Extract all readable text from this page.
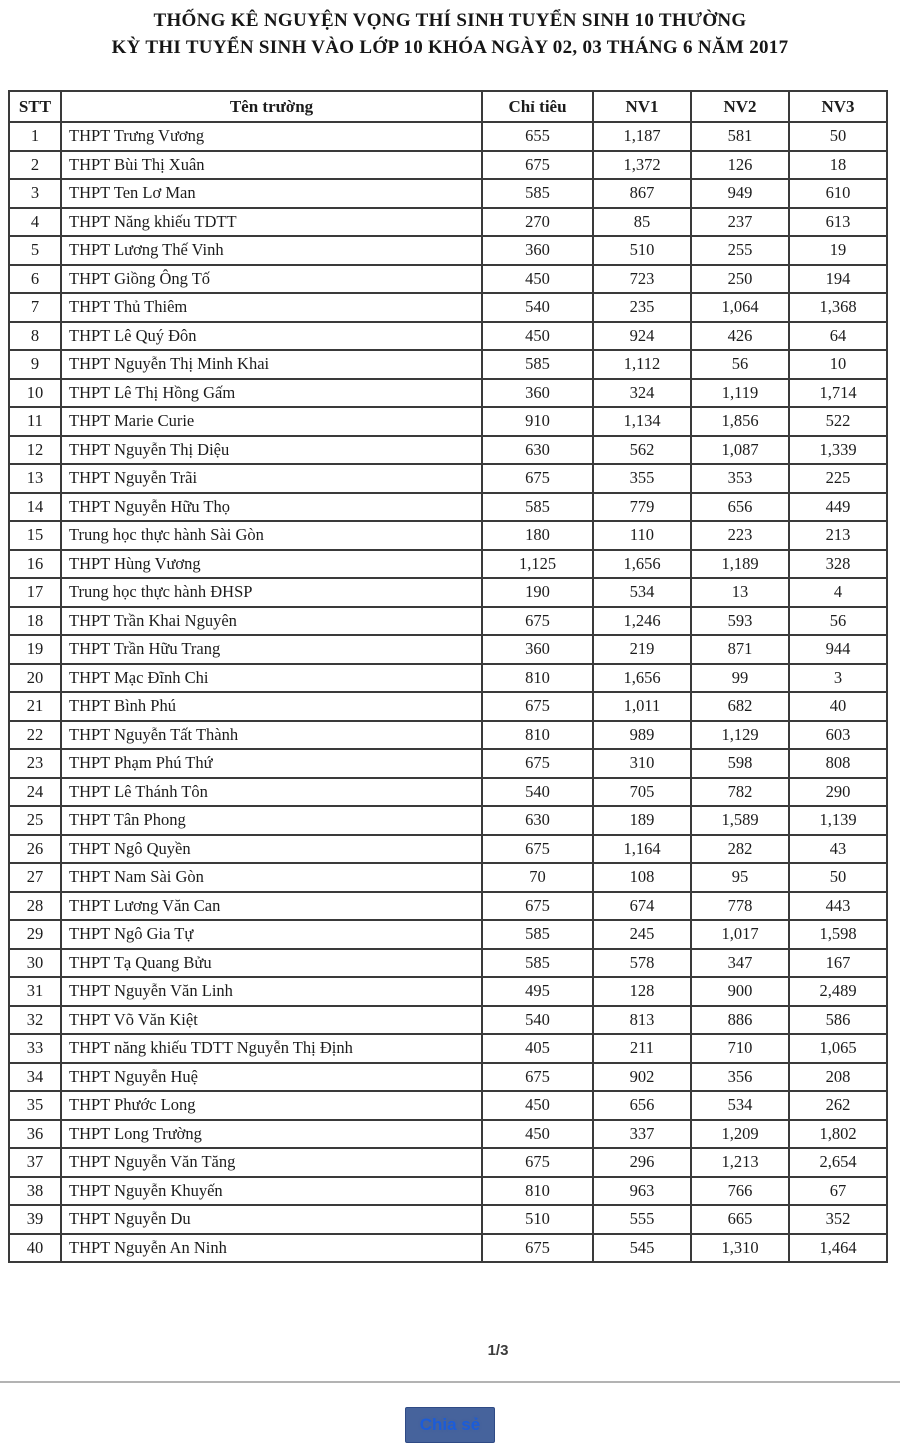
THỐNG KÊ NGUYỆN VỌNG THÍ SINH TUYỂN SINH 10 THƯỜNG
KỲ THI TUYỂN SINH VÀO LỚP 10 KHÓA NGÀY 02, 03 THÁNG 6 NĂM 2017
STT	Tên trường	Chỉ tiêu	NV1	NV2	NV3
1	THPT Trưng Vương	655	1,187	581	50
2	THPT Bùi Thị Xuân	675	1,372	126	18
3	THPT Ten Lơ Man	585	867	949	610
4	THPT Năng khiếu TDTT	270	85	237	613
5	THPT Lương Thế Vinh	360	510	255	19
6	THPT Giồng Ông Tố	450	723	250	194
7	THPT Thủ Thiêm	540	235	1,064	1,368
8	THPT Lê Quý Đôn	450	924	426	64
9	THPT Nguyễn Thị Minh Khai	585	1,112	56	10
10	THPT Lê Thị Hồng Gấm	360	324	1,119	1,714
11	THPT Marie Curie	910	1,134	1,856	522
12	THPT Nguyễn Thị Diệu	630	562	1,087	1,339
13	THPT Nguyễn Trãi	675	355	353	225
14	THPT Nguyễn Hữu Thọ	585	779	656	449
15	Trung học thực hành Sài Gòn	180	110	223	213
16	THPT Hùng Vương	1,125	1,656	1,189	328
17	Trung học thực hành ĐHSP	190	534	13	4
18	THPT Trần Khai Nguyên	675	1,246	593	56
19	THPT Trần Hữu Trang	360	219	871	944
20	THPT Mạc Đĩnh Chi	810	1,656	99	3
21	THPT Bình Phú	675	1,011	682	40
22	THPT Nguyễn Tất Thành	810	989	1,129	603
23	THPT Phạm Phú Thứ	675	310	598	808
24	THPT Lê Thánh Tôn	540	705	782	290
25	THPT Tân Phong	630	189	1,589	1,139
26	THPT Ngô Quyền	675	1,164	282	43
27	THPT Nam Sài Gòn	70	108	95	50
28	THPT Lương Văn Can	675	674	778	443
29	THPT Ngô Gia Tự	585	245	1,017	1,598
30	THPT Tạ Quang Bửu	585	578	347	167
31	THPT Nguyễn Văn Linh	495	128	900	2,489
32	THPT Võ Văn Kiệt	540	813	886	586
33	THPT năng khiếu TDTT Nguyễn Thị Định	405	211	710	1,065
34	THPT Nguyễn Huệ	675	902	356	208
35	THPT Phước Long	450	656	534	262
36	THPT Long Trường	450	337	1,209	1,802
37	THPT Nguyễn Văn Tăng	675	296	1,213	2,654
38	THPT Nguyễn Khuyến	810	963	766	67
39	THPT Nguyễn Du	510	555	665	352
40	THPT Nguyễn An Ninh	675	545	1,310	1,464
1/3
Chia sẻ
